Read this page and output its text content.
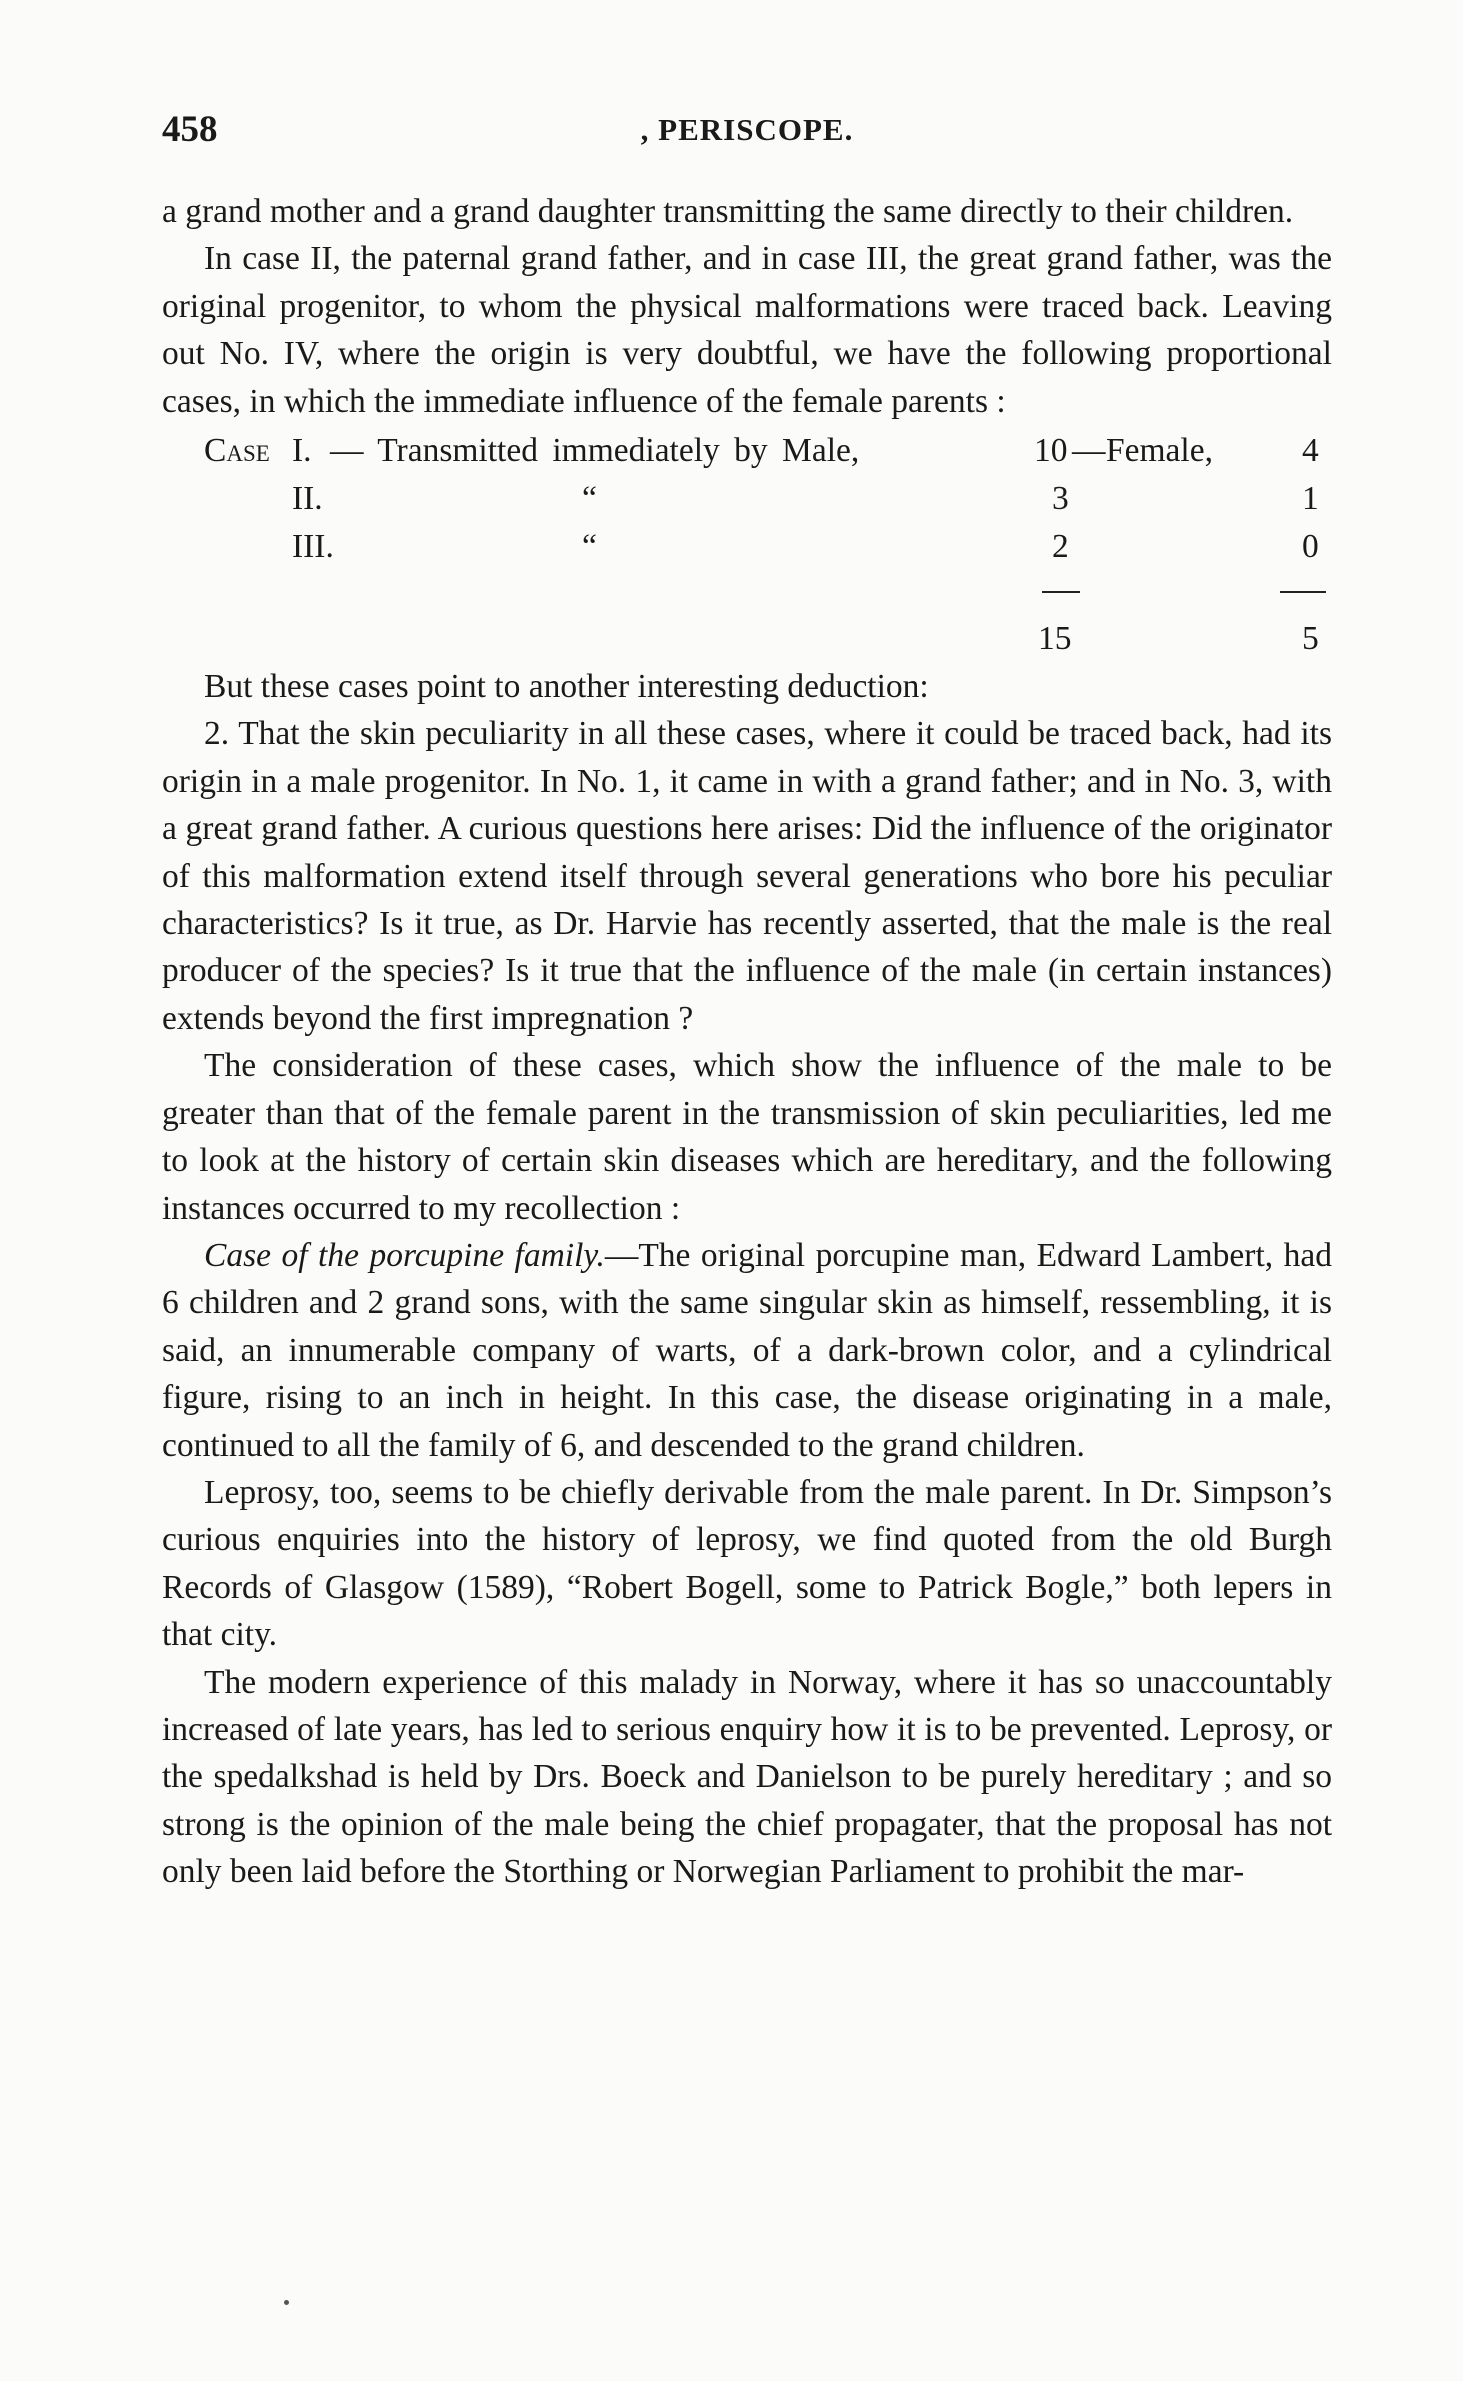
458	, PERISCOPE.

a grand mother and a grand daughter transmitting the same directly to their children.

In case II, the paternal grand father, and in case III, the great grand father, was the original progenitor, to whom the physical malformations were traced back. Leaving out No. IV, where the origin is very doubtful, we have the following proportional cases, in which the immediate influence of the female parents :

Case I. — Transmitted immediately by Male,	10 — Female,	4
II.	“	3	1
III.	“	2	0
15	5

But these cases point to another interesting deduction:

2. That the skin peculiarity in all these cases, where it could be traced back, had its origin in a male progenitor. In No. 1, it came in with a grand father; and in No. 3, with a great grand father. A curious questions here arises: Did the influence of the originator of this malformation extend itself through several generations who bore his peculiar characteristics? Is it true, as Dr. Harvie has recently asserted, that the male is the real producer of the species? Is it true that the influence of the male (in certain instances) extends beyond the first impregnation ?

The consideration of these cases, which show the influence of the male to be greater than that of the female parent in the transmission of skin peculiarities, led me to look at the history of certain skin diseases which are hereditary, and the following instances occurred to my recollection :

Case of the porcupine family.—The original porcupine man, Edward Lambert, had 6 children and 2 grand sons, with the same singular skin as himself, ressembling, it is said, an innumerable company of warts, of a dark-brown color, and a cylindrical figure, rising to an inch in height. In this case, the disease originating in a male, continued to all the family of 6, and descended to the grand children.

Leprosy, too, seems to be chiefly derivable from the male parent. In Dr. Simpson’s curious enquiries into the history of leprosy, we find quoted from the old Burgh Records of Glasgow (1589), “Robert Bogell, some to Patrick Bogle,” both lepers in that city.

The modern experience of this malady in Norway, where it has so unaccountably increased of late years, has led to serious enquiry how it is to be prevented. Leprosy, or the spedalkshad is held by Drs. Boeck and Danielson to be purely hereditary ; and so strong is the opinion of the male being the chief propagater, that the proposal has not only been laid before the Storthing or Norwegian Parliament to prohibit the mar-
